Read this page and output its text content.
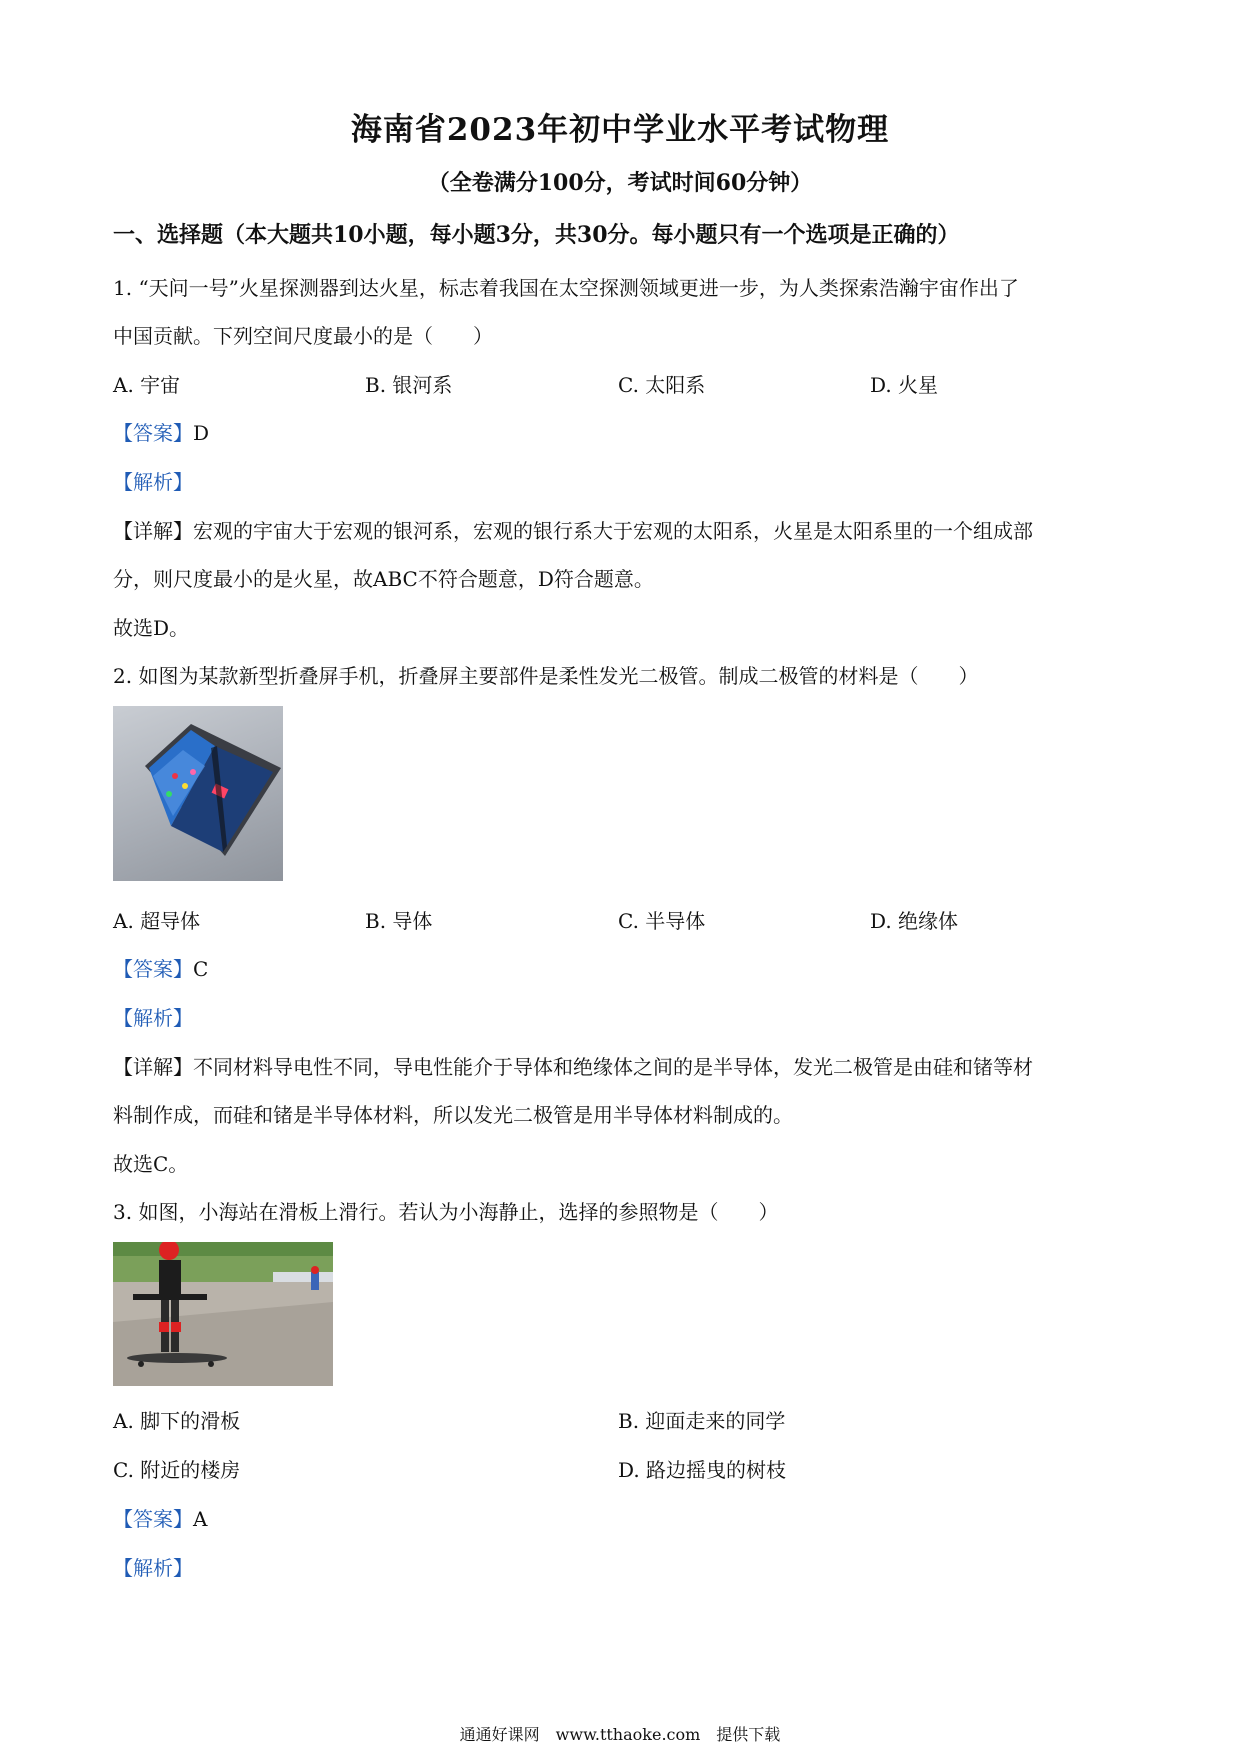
海南省2023年初中学业水平考试物理
（全卷满分100分，考试时间60分钟）
一、选择题（本大题共10小题，每小题3分，共30分。每小题只有一个选项是正确的）
1. “天问一号”火星探测器到达火星，标志着我国在太空探测领域更进一步，为人类探索浩瀚宇宙作出了
中国贡献。下列空间尺度最小的是（　　）
A. 宇宙	B. 银河系	C. 太阳系	D. 火星
【答案】D
【解析】
【详解】宏观的宇宙大于宏观的银河系，宏观的银行系大于宏观的太阳系，火星是太阳系里的一个组成部
分，则尺度最小的是火星，故ABC不符合题意，D符合题意。
故选D。
2. 如图为某款新型折叠屏手机，折叠屏主要部件是柔性发光二极管。制成二极管的材料是（　　）
A. 超导体	B. 导体	C. 半导体	D. 绝缘体
【答案】C
【解析】
【详解】不同材料导电性不同，导电性能介于导体和绝缘体之间的是半导体，发光二极管是由硅和锗等材
料制作成，而硅和锗是半导体材料，所以发光二极管是用半导体材料制成的。
故选C。
3. 如图，小海站在滑板上滑行。若认为小海静止，选择的参照物是（　　）
A. 脚下的滑板	B. 迎面走来的同学
C. 附近的楼房	D. 路边摇曳的树枝
【答案】A
【解析】
通通好课网　www.tthaoke.com　提供下载
